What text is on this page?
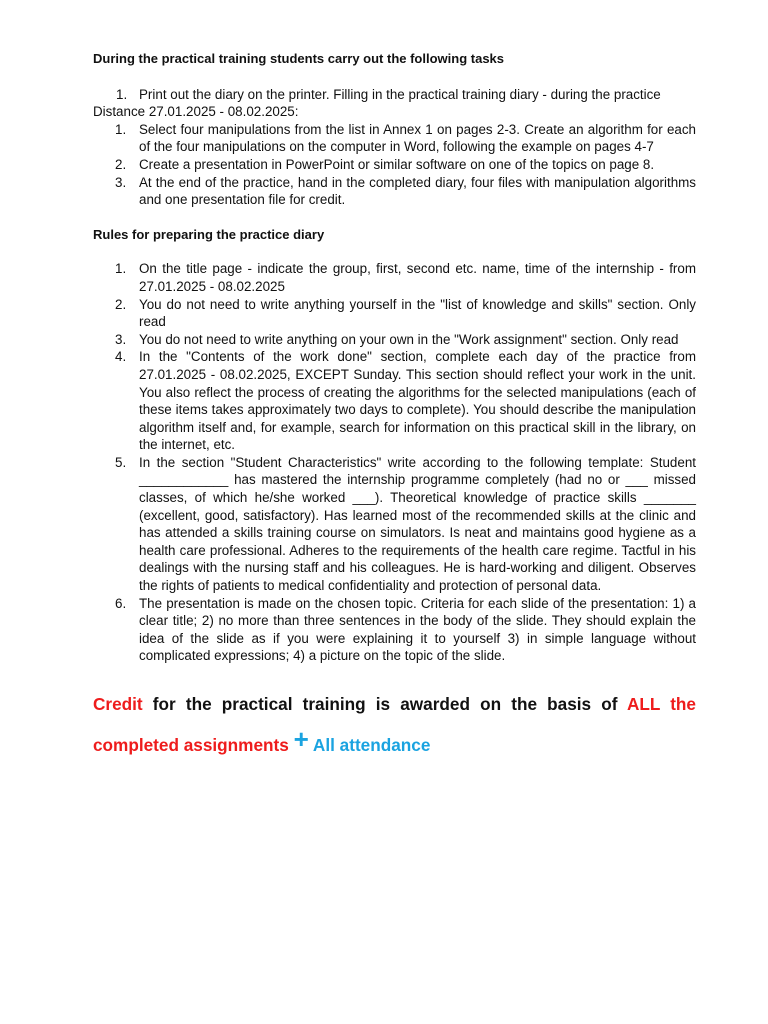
During the practical training students carry out the following tasks

1. Print out the diary on the printer. Filling in the practical training diary - during the practice
Distance 27.01.2025 - 08.02.2025:
1. Select four manipulations from the list in Annex 1 on pages 2-3. Create an algorithm for each of the four manipulations on the computer in Word, following the example on pages 4-7
2. Create a presentation in PowerPoint or similar software on one of the topics on page 8.
3. At the end of the practice, hand in the completed diary, four files with manipulation algorithms and one presentation file for credit.

Rules for preparing the practice diary

1. On the title page - indicate the group, first, second etc. name, time of the internship - from 27.01.2025 - 08.02.2025
2. You do not need to write anything yourself in the "list of knowledge and skills" section. Only read
3. You do not need to write anything on your own in the "Work assignment" section. Only read
4. In the "Contents of the work done" section, complete each day of the practice from 27.01.2025 - 08.02.2025, EXCEPT Sunday. This section should reflect your work in the unit. You also reflect the process of creating the algorithms for the selected manipulations (each of these items takes approximately two days to complete). You should describe the manipulation algorithm itself and, for example, search for information on this practical skill in the library, on the internet, etc.
5. In the section "Student Characteristics" write according to the following template: Student ____________ has mastered the internship programme completely (had no or ___ missed classes, of which he/she worked ___). Theoretical knowledge of practice skills _______ (excellent, good, satisfactory). Has learned most of the recommended skills at the clinic and has attended a skills training course on simulators. Is neat and maintains good hygiene as a health care professional. Adheres to the requirements of the health care regime. Tactful in his dealings with the nursing staff and his colleagues. He is hard-working and diligent. Observes the rights of patients to medical confidentiality and protection of personal data.
6. The presentation is made on the chosen topic. Criteria for each slide of the presentation: 1) a clear title; 2) no more than three sentences in the body of the slide. They should explain the idea of the slide as if you were explaining it to yourself 3) in simple language without complicated expressions; 4) a picture on the topic of the slide.
Credit for the practical training is awarded on the basis of ALL the completed assignments + All attendance
